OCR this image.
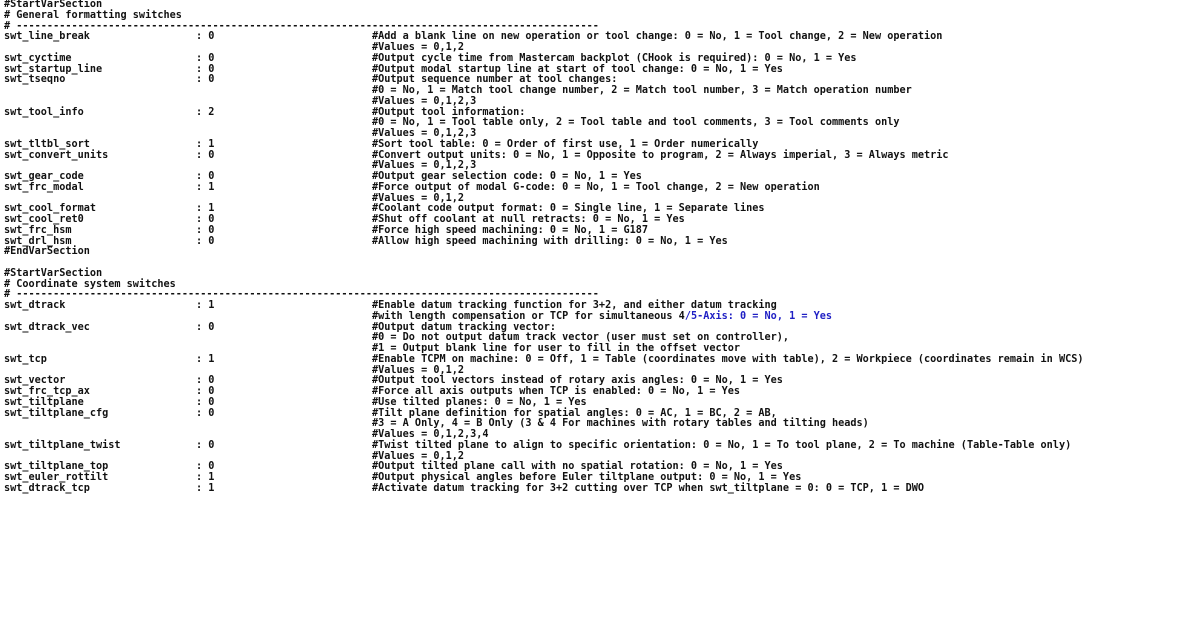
#StartVarSection
# General formatting switches
# -----------------------------------------------------------------------------------------------
swt_line_break	: 0	#Add a blank line on new operation or tool change: 0 = No, 1 = Tool change, 2 = New operation
#Values = 0,1,2
swt_cyctime	: 0	#Output cycle time from Mastercam backplot (CHook is required): 0 = No, 1 = Yes
swt_startup_line	: 0	#Output modal startup line at start of tool change: 0 = No, 1 = Yes
swt_tseqno	: 0	#Output sequence number at tool changes:
#0 = No, 1 = Match tool change number, 2 = Match tool number, 3 = Match operation number
#Values = 0,1,2,3
swt_tool_info	: 2	#Output tool information:
#0 = No, 1 = Tool table only, 2 = Tool table and tool comments, 3 = Tool comments only
#Values = 0,1,2,3
swt_tltbl_sort	: 1	#Sort tool table: 0 = Order of first use, 1 = Order numerically
swt_convert_units	: 0	#Convert output units: 0 = No, 1 = Opposite to program, 2 = Always imperial, 3 = Always metric
#Values = 0,1,2,3
swt_gear_code	: 0	#Output gear selection code: 0 = No, 1 = Yes
swt_frc_modal	: 1	#Force output of modal G-code: 0 = No, 1 = Tool change, 2 = New operation
#Values = 0,1,2
swt_cool_format	: 1	#Coolant code output format: 0 = Single line, 1 = Separate lines
swt_cool_ret0	: 0	#Shut off coolant at null retracts: 0 = No, 1 = Yes
swt_frc_hsm	: 0	#Force high speed machining: 0 = No, 1 = G187
swt_drl_hsm	: 0	#Allow high speed machining with drilling: 0 = No, 1 = Yes
#EndVarSection
#StartVarSection
# Coordinate system switches
# -----------------------------------------------------------------------------------------------
swt_dtrack	: 1	#Enable datum tracking function for 3+2, and either datum tracking
#with length compensation or TCP for simultaneous 4/5-Axis: 0 = No, 1 = Yes
swt_dtrack_vec	: 0	#Output datum tracking vector:
#0 = Do not output datum track vector (user must set on controller),
#1 = Output blank line for user to fill in the offset vector
swt_tcp	: 1	#Enable TCPM on machine: 0 = Off, 1 = Table (coordinates move with table), 2 = Workpiece (coordinates remain in WCS)
#Values = 0,1,2
swt_vector	: 0	#Output tool vectors instead of rotary axis angles: 0 = No, 1 = Yes
swt_frc_tcp_ax	: 0	#Force all axis outputs when TCP is enabled: 0 = No, 1 = Yes
swt_tiltplane	: 0	#Use tilted planes: 0 = No, 1 = Yes
swt_tiltplane_cfg	: 0	#Tilt plane definition for spatial angles: 0 = AC, 1 = BC, 2 = AB,
#3 = A Only, 4 = B Only (3 & 4 For machines with rotary tables and tilting heads)
#Values = 0,1,2,3,4
swt_tiltplane_twist	: 0	#Twist tilted plane to align to specific orientation: 0 = No, 1 = To tool plane, 2 = To machine (Table-Table only)
#Values = 0,1,2
swt_tiltplane_top	: 0	#Output tilted plane call with no spatial rotation: 0 = No, 1 = Yes
swt_euler_rottilt	: 1	#Output physical angles before Euler tiltplane output: 0 = No, 1 = Yes
swt_dtrack_tcp	: 1	#Activate datum tracking for 3+2 cutting over TCP when swt_tiltplane = 0: 0 = TCP, 1 = DWO
